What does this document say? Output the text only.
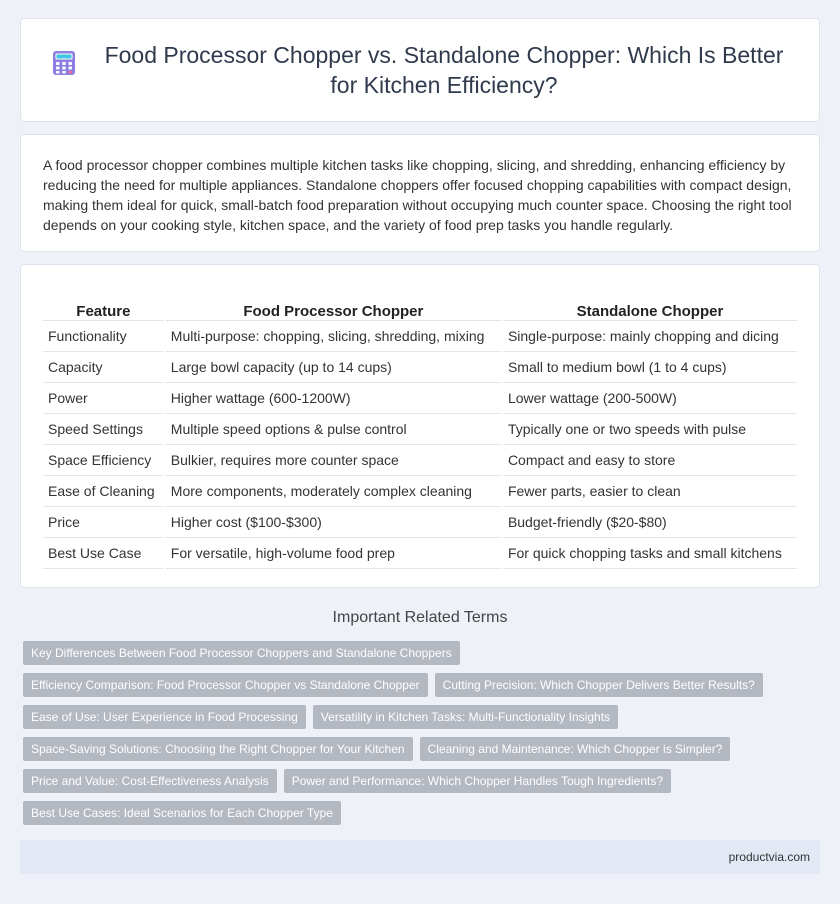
Food Processor Chopper vs. Standalone Chopper: Which Is Better for Kitchen Efficiency?

A food processor chopper combines multiple kitchen tasks like chopping, slicing, and shredding, enhancing efficiency by reducing the need for multiple appliances. Standalone choppers offer focused chopping capabilities with compact design, making them ideal for quick, small-batch food preparation without occupying much counter space. Choosing the right tool depends on your cooking style, kitchen space, and the variety of food prep tasks you handle regularly.

Feature	Food Processor Chopper	Standalone Chopper
Functionality	Multi-purpose: chopping, slicing, shredding, mixing	Single-purpose: mainly chopping and dicing
Capacity	Large bowl capacity (up to 14 cups)	Small to medium bowl (1 to 4 cups)
Power	Higher wattage (600-1200W)	Lower wattage (200-500W)
Speed Settings	Multiple speed options & pulse control	Typically one or two speeds with pulse
Space Efficiency	Bulkier, requires more counter space	Compact and easy to store
Ease of Cleaning	More components, moderately complex cleaning	Fewer parts, easier to clean
Price	Higher cost ($100-$300)	Budget-friendly ($20-$80)
Best Use Case	For versatile, high-volume food prep	For quick chopping tasks and small kitchens
Important Related Terms
Key Differences Between Food Processor Choppers and Standalone Choppers
Efficiency Comparison: Food Processor Chopper vs Standalone Chopper	Cutting Precision: Which Chopper Delivers Better Results?
Ease of Use: User Experience in Food Processing	Versatility in Kitchen Tasks: Multi-Functionality Insights
Space-Saving Solutions: Choosing the Right Chopper for Your Kitchen	Cleaning and Maintenance: Which Chopper is Simpler?
Price and Value: Cost-Effectiveness Analysis	Power and Performance: Which Chopper Handles Tough Ingredients?
Best Use Cases: Ideal Scenarios for Each Chopper Type
productvia.com
